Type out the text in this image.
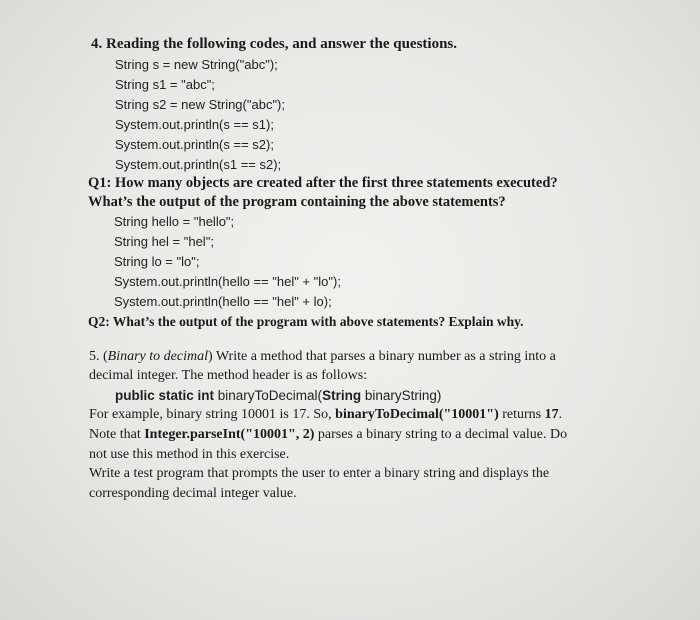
4. Reading the following codes, and answer the questions.
String s = new String("abc");
String s1 = "abc";
String s2 = new String("abc");
System.out.println(s == s1);
System.out.println(s == s2);
System.out.println(s1 == s2);
Q1: How many objects are created after the first three statements executed?
What’s the output of the program containing the above statements?
String hello = "hello";
String hel = "hel";
String lo = "lo";
System.out.println(hello == "hel" + "lo");
System.out.println(hello == "hel" + lo);
Q2: What’s the output of the program with above statements? Explain why.
5. (Binary to decimal) Write a method that parses a binary number as a string into a
decimal integer. The method header is as follows:
public static int binaryToDecimal(String binaryString)
For example, binary string 10001 is 17. So, binaryToDecimal("10001") returns 17.
Note that Integer.parseInt("10001", 2) parses a binary string to a decimal value. Do
not use this method in this exercise.
Write a test program that prompts the user to enter a binary string and displays the
corresponding decimal integer value.
